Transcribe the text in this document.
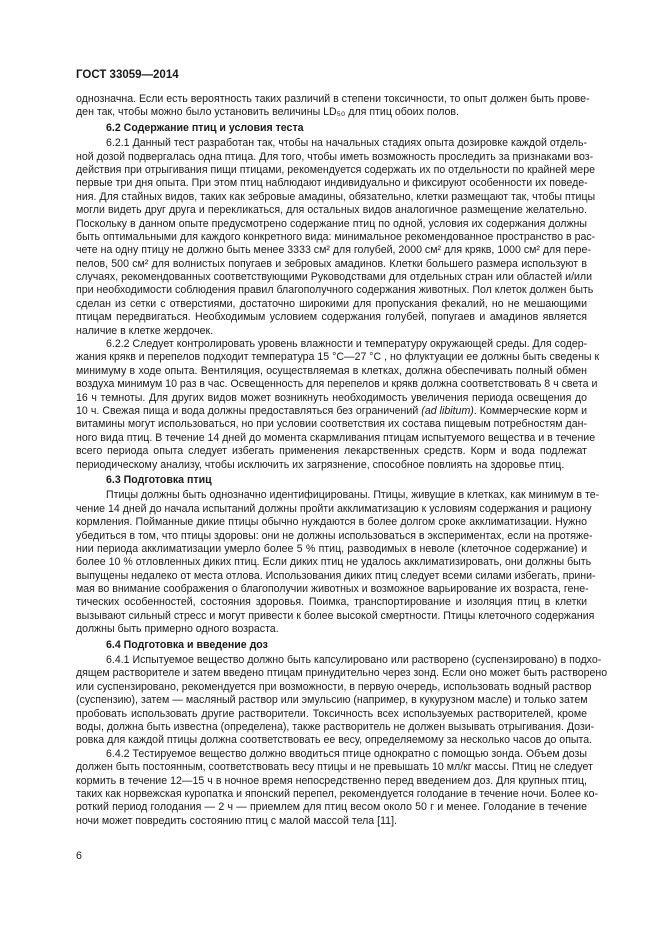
ГОСТ 33059—2014
однозначна. Если есть вероятность таких различий в степени токсичности, то опыт должен быть прове-
ден так, чтобы можно было установить величины LD₅₀ для птиц обоих полов.
6.2 Содержание птиц и условия теста
6.2.1 Данный тест разработан так, чтобы на начальных стадиях опыта дозировке каждой отдель-
ной дозой подвергалась одна птица. Для того, чтобы иметь возможность проследить за признаками воз-
действия при отрыгивания пищи птицами, рекомендуется содержать их по отдельности по крайней мере
первые три дня опыта. При этом птиц наблюдают индивидуально и фиксируют особенности их поведе-
ния. Для стайных видов, таких как зебровые амадины, обязательно, клетки размещают так, чтобы птицы
могли видеть друг друга и перекликаться, для остальных видов аналогичное размещение желательно.
Поскольку в данном опыте предусмотрено содержание птиц по одной, условия их содержания должны
быть оптимальными для каждого конкретного вида: минимальное рекомендованное пространство в рас-
чете на одну птицу не должно быть менее 3333 см² для голубей, 2000 см² для крякв, 1000 см² для пере-
пелов, 500 см² для волнистых попугаев и зебровых амадинов. Клетки большего размера используют в
случаях, рекомендованных соответствующими Руководствами для отдельных стран или областей и/или
при необходимости соблюдения правил благополучного содержания животных. Пол клеток должен быть
сделан из сетки с отверстиями, достаточно широкими для пропускания фекалий, но не мешающими
птицам передвигаться. Необходимым условием содержания голубей, попугаев и амадинов является
наличие в клетке жердочек.
6.2.2 Следует контролировать уровень влажности и температуру окружающей среды. Для содер-
жания крякв и перепелов подходит температура 15 °С—27 °С , но флуктуации ее должны быть сведены к
минимуму в ходе опыта. Вентиляция, осуществляемая в клетках, должна обеспечивать полный обмен
воздуха минимум 10 раз в час. Освещенность для перепелов и крякв должна соответствовать 8 ч света и
16 ч темноты. Для других видов может возникнуть необходимость увеличения периода освещения до
10 ч. Свежая пища и вода должны предоставляться без ограничений (ad libitum). Коммерческие корм и
витамины могут использоваться, но при условии соответствия их состава пищевым потребностям дан-
ного вида птиц. В течение 14 дней до момента скармливания птицам испытуемого вещества и в течение
всего периода опыта следует избегать применения лекарственных средств. Корм и вода подлежат
периодическому анализу, чтобы исключить их загрязнение, способное повлиять на здоровье птиц.
6.3 Подготовка птиц
Птицы должны быть однозначно идентифицированы. Птицы, живущие в клетках, как минимум в те-
чение 14 дней до начала испытаний должны пройти акклиматизацию к условиям содержания и рациону
кормления. Пойманные дикие птицы обычно нуждаются в более долгом сроке акклиматизации. Нужно
убедиться в том, что птицы здоровы: они не должны использоваться в экспериментах, если на протяже-
нии периода акклиматизации умерло более 5 % птиц, разводимых в неволе (клеточное содержание) и
более 10 % отловленных диких птиц. Если диких птиц не удалось акклиматизировать, они должны быть
выпущены недалеко от места отлова. Использования диких птиц следует всеми силами избегать, прини-
мая во внимание соображения о благополучии животных и возможное варьирование их возраста, гене-
тических особенностей, состояния здоровья. Поимка, транспортирование и изоляция птиц в клетки
вызывают сильный стресс и могут привести к более высокой смертности. Птицы клеточного содержания
должны быть примерно одного возраста.
6.4 Подготовка и введение доз
6.4.1 Испытуемое вещество должно быть капсулировано или растворено (суспензировано) в подхо-
дящем растворителе и затем введено птицам принудительно через зонд. Если оно может быть растворено
или суспензировано, рекомендуется при возможности, в первую очередь, использовать водный раствор
(суспензию), затем — масляный раствор или эмульсию (например, в кукурузном масле) и только затем
пробовать использовать другие растворители. Токсичность всех используемых растворителей, кроме
воды, должна быть известна (определена), также растворитель не должен вызывать отрыгивания. Дози-
ровка для каждой птицы должна соответствовать ее весу, определяемому за несколько часов до опыта.
6.4.2 Тестируемое вещество должно вводиться птице однократно с помощью зонда. Объем дозы
должен быть постоянным, соответствовать весу птицы и не превышать 10 мл/кг массы. Птиц не следует
кормить в течение 12—15 ч в ночное время непосредственно перед введением доз. Для крупных птиц,
таких как норвежская куропатка и японский перепел, рекомендуется голодание в течение ночи. Более ко-
роткий период голодания — 2 ч — приемлем для птиц весом около 50 г и менее. Голодание в течение
ночи может повредить состоянию птиц с малой массой тела [11].
6
